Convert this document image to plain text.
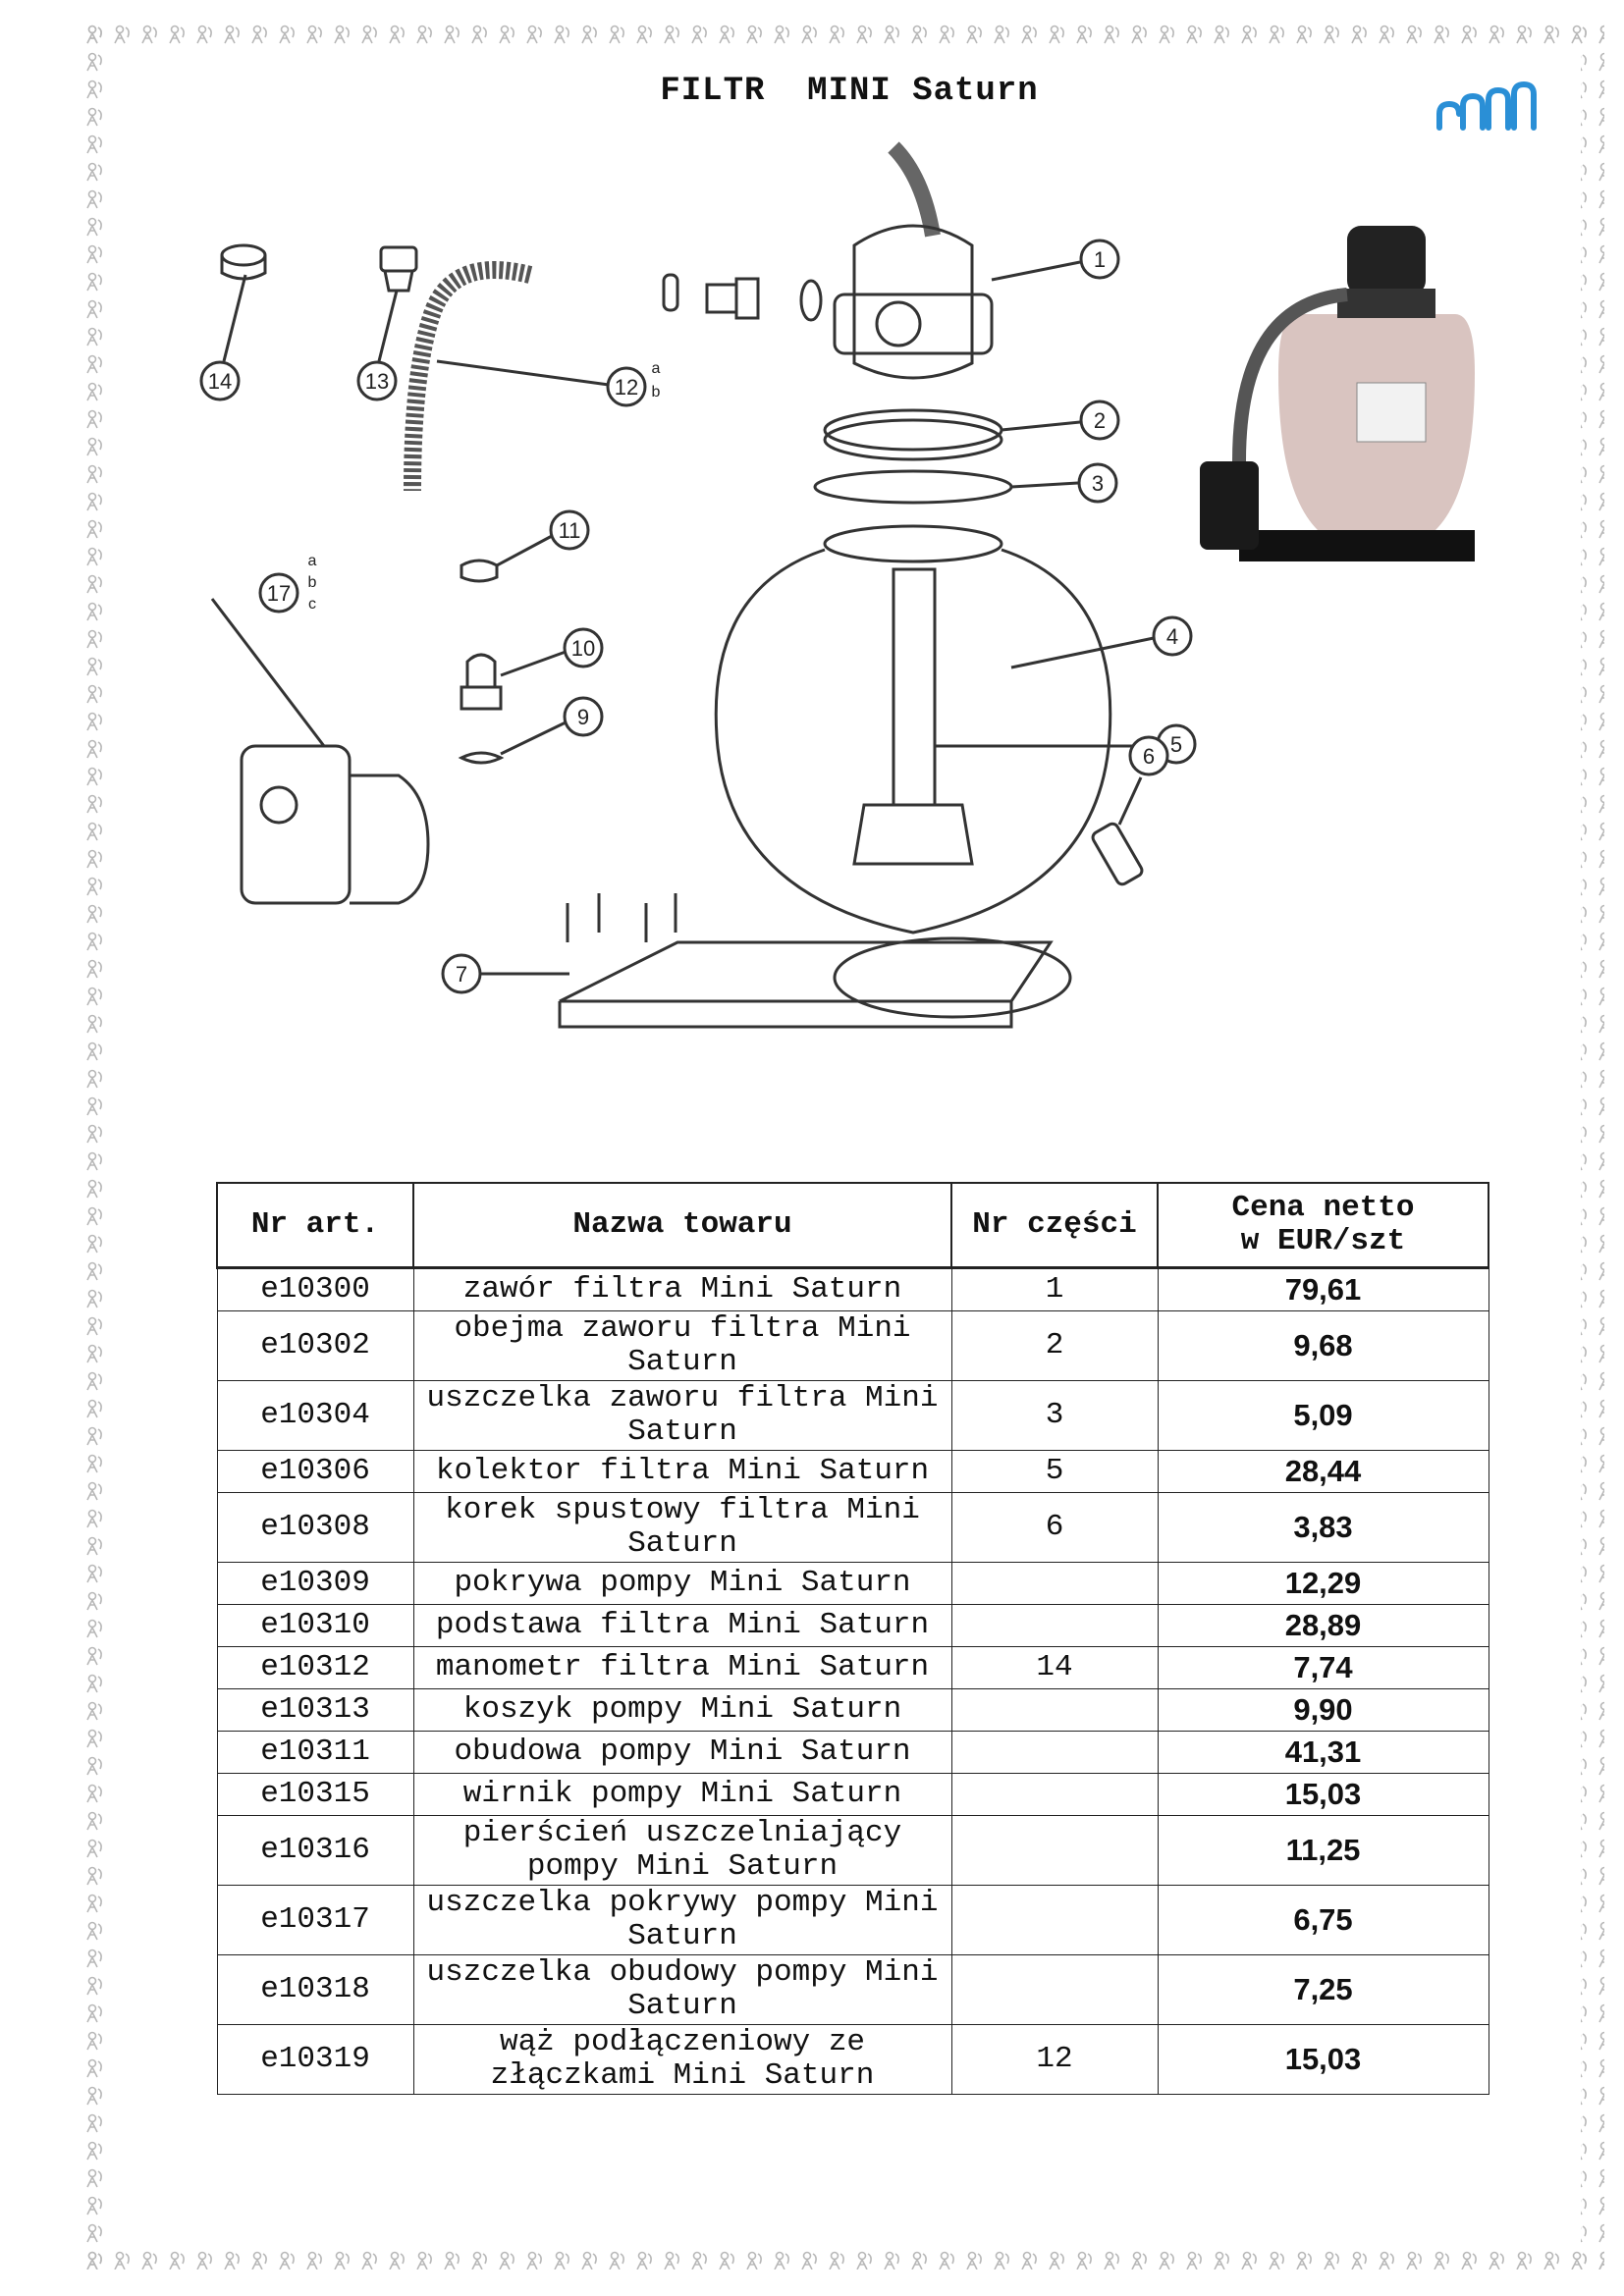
FILTR  MINI Saturn
1
2
3
4
5
6
7
9
10
11
12
13
14
17
a
b
a
b
c
Nr art.	Nazwa towaru	Nr części	Cena netto
w EUR/szt
e10300	zawór filtra Mini Saturn	1	79,61
e10302	obejma zaworu filtra Mini Saturn	2	9,68
e10304	uszczelka zaworu filtra Mini Saturn	3	5,09
e10306	kolektor filtra Mini Saturn	5	28,44
e10308	korek spustowy filtra Mini Saturn	6	3,83
e10309	pokrywa pompy Mini Saturn		12,29
e10310	podstawa filtra Mini Saturn		28,89
e10312	manometr filtra Mini Saturn	14	7,74
e10313	koszyk pompy Mini Saturn		9,90
e10311	obudowa pompy Mini Saturn		41,31
e10315	wirnik pompy Mini Saturn		15,03
e10316	pierścień uszczelniający pompy Mini Saturn		11,25
e10317	uszczelka pokrywy pompy Mini Saturn		6,75
e10318	uszczelka obudowy pompy Mini Saturn		7,25
e10319	wąż podłączeniowy ze złączkami Mini Saturn	12	15,03
